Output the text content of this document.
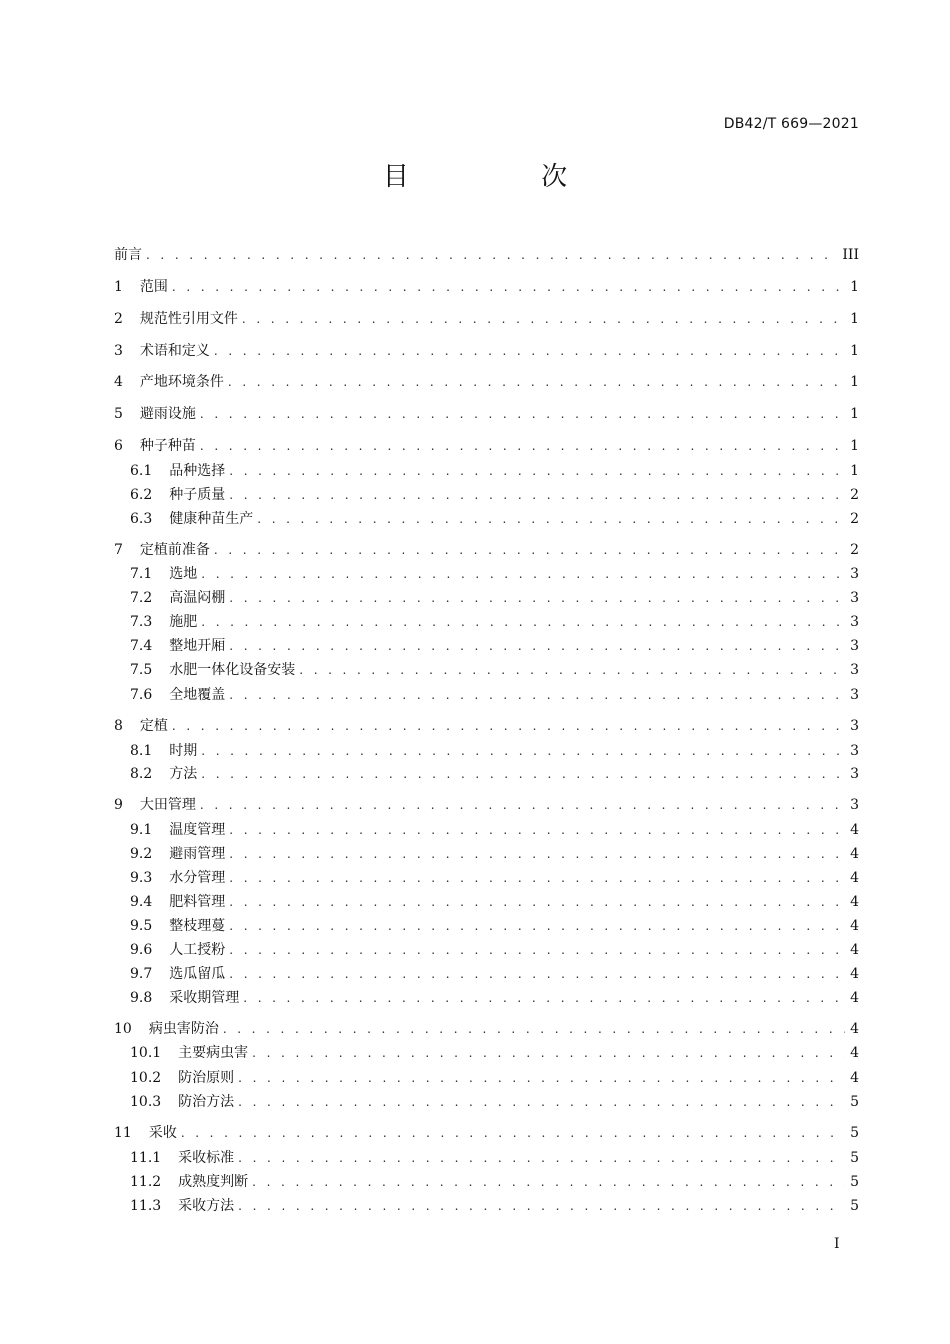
DB42/T 669—2021
目 次
前言 . . .	III
1 范围 . . .	1
2 规范性引用文件 . . .	1
3 术语和定义 . . .	1
4 产地环境条件 . . .	1
5 避雨设施 . . .	1
6 种子种苗 . . .	1
6.1 品种选择 . . .	1
6.2 种子质量 . . .	2
6.3 健康种苗生产 . . .	2
7 定植前准备 . . .	2
7.1 选地 . . .	3
7.2 高温闷棚 . . .	3
7.3 施肥 . . .	3
7.4 整地开厢 . . .	3
7.5 水肥一体化设备安装 . . .	3
7.6 全地覆盖 . . .	3
8 定植 . . .	3
8.1 时期 . . .	3
8.2 方法 . . .	3
9 大田管理 . . .	3
9.1 温度管理 . . .	4
9.2 避雨管理 . . .	4
9.3 水分管理 . . .	4
9.4 肥料管理 . . .	4
9.5 整枝理蔓 . . .	4
9.6 人工授粉 . . .	4
9.7 选瓜留瓜 . . .	4
9.8 采收期管理 . . .	4
10 病虫害防治 . . .	4
10.1 主要病虫害 . . .	4
10.2 防治原则 . . .	4
10.3 防治方法 . . .	5
11 采收 . . .	5
11.1 采收标准 . . .	5
11.2 成熟度判断 . . .	5
11.3 采收方法 . . .	5
I
